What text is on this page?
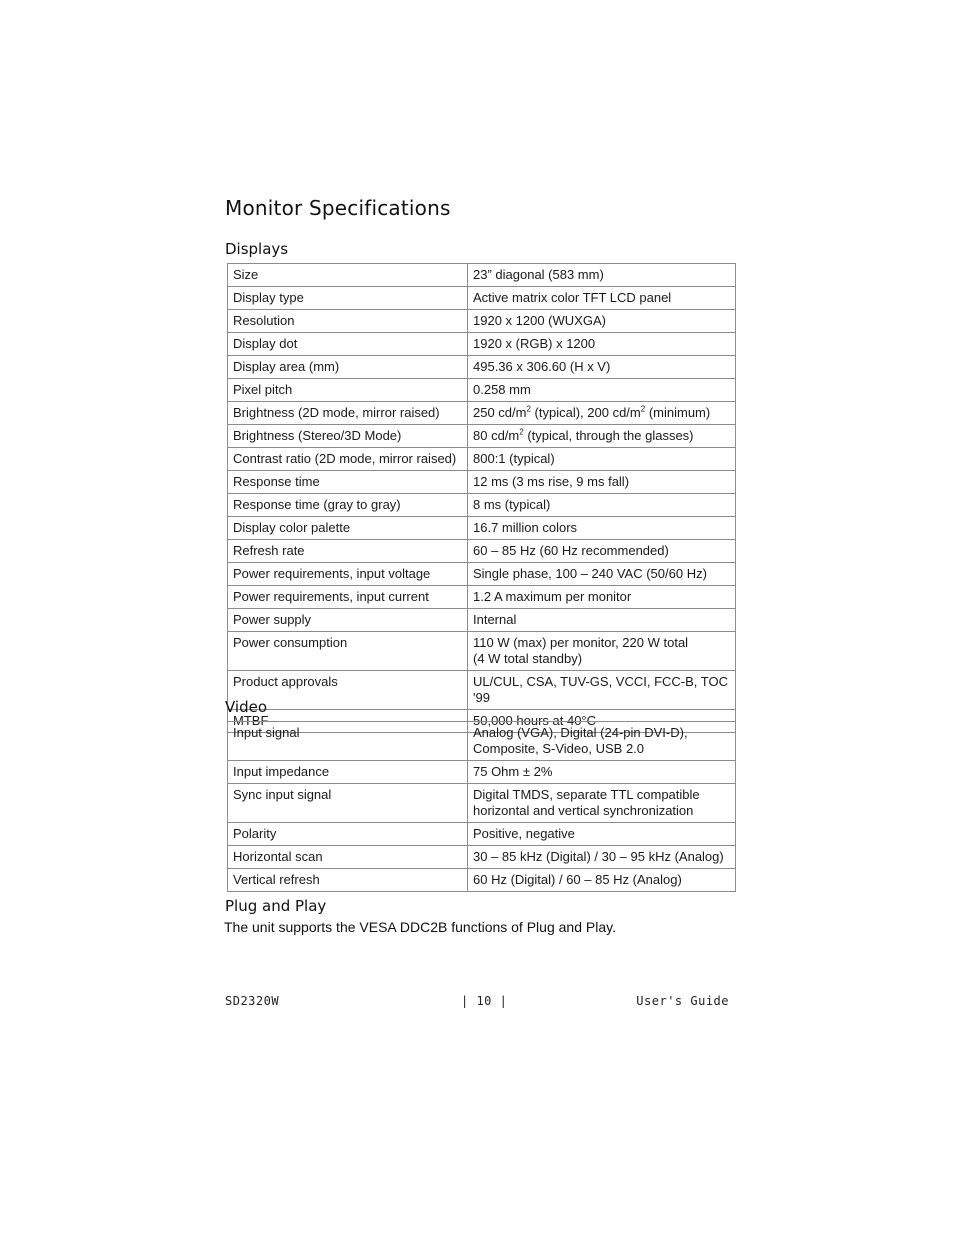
Monitor Specifications
Displays
Size	23” diagonal (583 mm)
Display type	Active matrix color TFT LCD panel
Resolution	1920 x 1200 (WUXGA)
Display dot	1920 x (RGB) x 1200
Display area (mm)	495.36 x 306.60 (H x V)
Pixel pitch	0.258 mm
Brightness (2D mode, mirror raised)	250 $cd/m^2$ (typical), 200 $cd/m^2$ (minimum)
Brightness (Stereo/3D Mode)	80 $cd/m^2$ (typical, through the glasses)
Contrast ratio (2D mode, mirror raised)	800:1 (typical)
Response time	12 ms (3 ms rise, 9 ms fall)
Response time (gray to gray)	8 ms (typical)
Display color palette	16.7 million colors
Refresh rate	60 – 85 Hz (60 Hz recommended)
Power requirements, input voltage	Single phase, 100 – 240 VAC (50/60 Hz)
Power requirements, input current	1.2 A maximum per monitor
Power supply	Internal
Power consumption	110 W (max) per monitor, 220 W total
(4 W total standby)
Product approvals	UL/CUL, CSA, TUV-GS, VCCI, FCC-B, TOC '99
MTBF	50,000 hours at 40°C
Video
Input signal	Analog (VGA), Digital (24-pin DVI-D),
Composite, S-Video, USB 2.0
Input impedance	75 Ohm ± 2%
Sync input signal	Digital TMDS, separate TTL compatible
horizontal and vertical synchronization
Polarity	Positive, negative
Horizontal scan	30 – 85 kHz (Digital) / 30 – 95 kHz (Analog)
Vertical refresh	60 Hz (Digital) / 60 – 85 Hz (Analog)
Plug and Play

The unit supports the VESA DDC2B functions of Plug and Play.

SD2320W	| 10 |	User's Guide
